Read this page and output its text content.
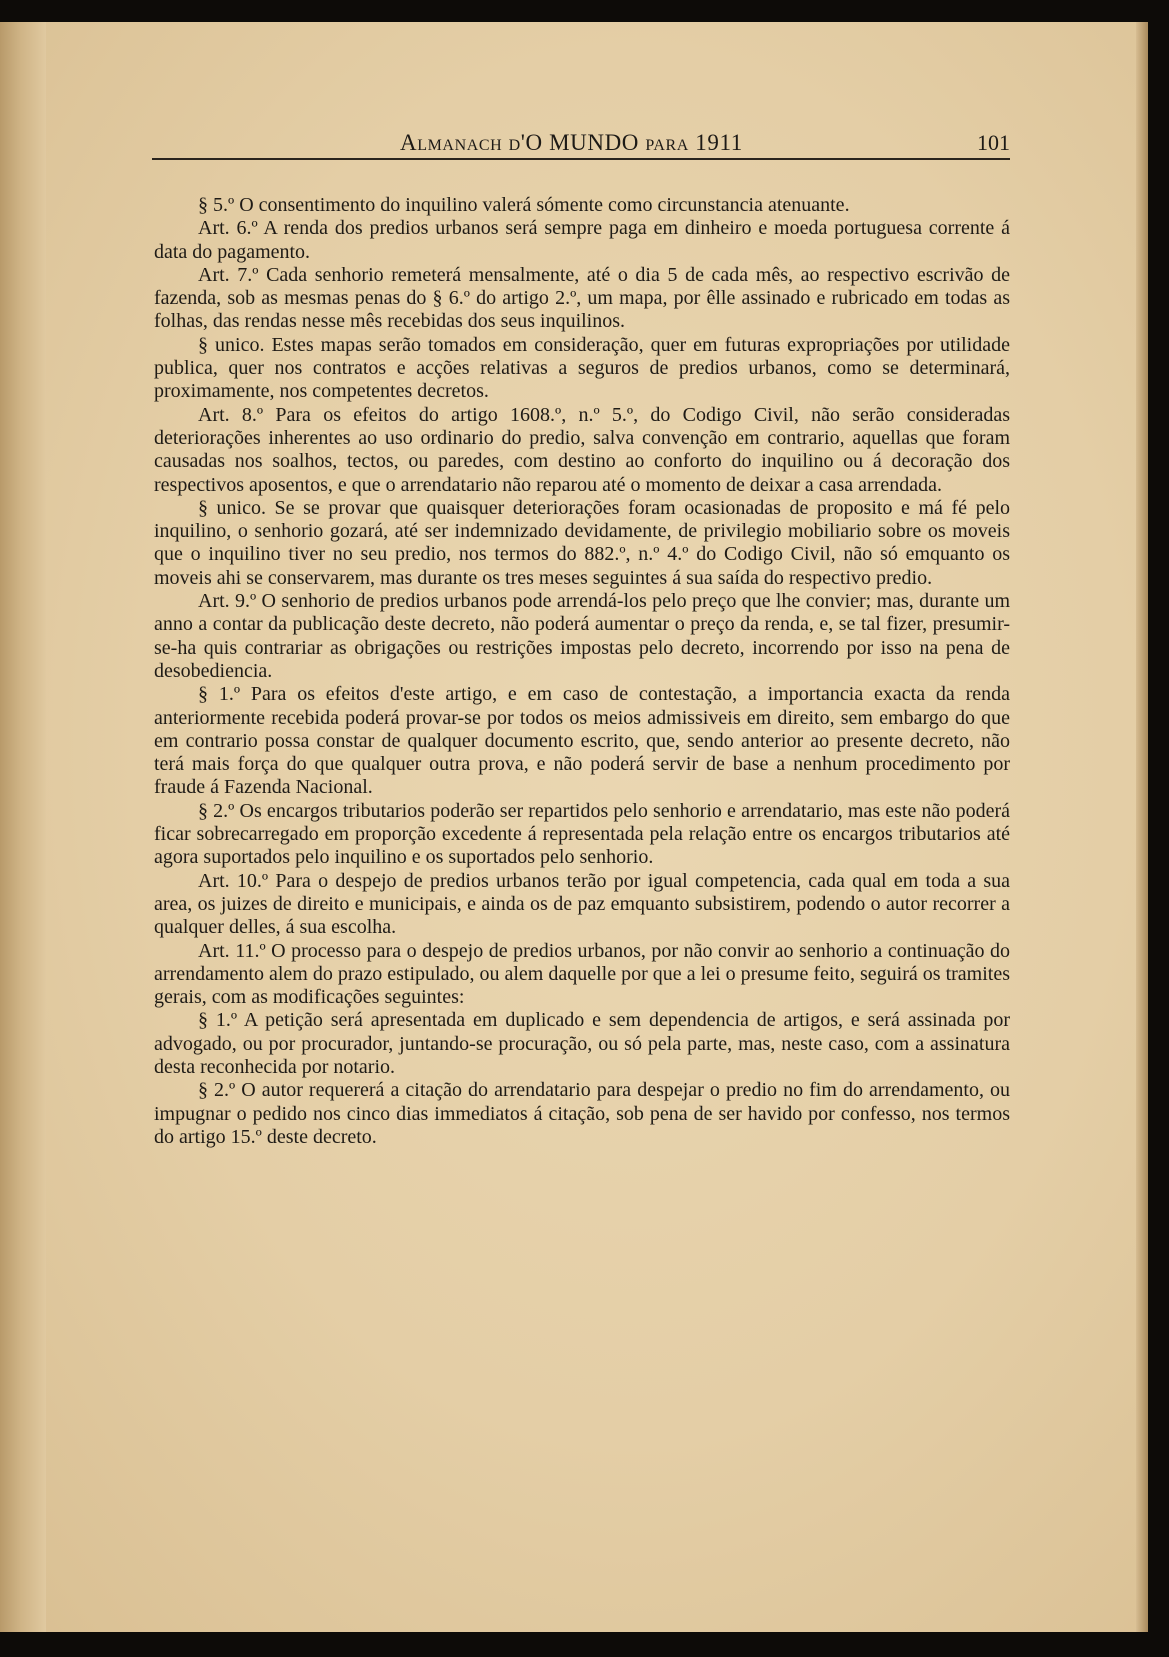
Almanach d'O MUNDO para 1911	101

§ 5.º O consentimento do inquilino valerá sómente como circunstancia atenuante.

Art. 6.º A renda dos predios urbanos será sempre paga em dinheiro e moeda portuguesa corrente á data do pagamento.

Art. 7.º Cada senhorio remeterá mensalmente, até o dia 5 de cada mês, ao respectivo escrivão de fazenda, sob as mesmas penas do § 6.º do artigo 2.º, um mapa, por êlle assinado e rubricado em todas as folhas, das rendas nesse mês recebidas dos seus inquilinos.

§ unico. Estes mapas serão tomados em consideração, quer em futuras expropriações por utilidade publica, quer nos contratos e acções relativas a seguros de predios urbanos, como se determinará, proximamente, nos competentes decretos.

Art. 8.º Para os efeitos do artigo 1608.º, n.º 5.º, do Codigo Civil, não serão consideradas deteriorações inherentes ao uso ordinario do predio, salva convenção em contrario, aquellas que foram causadas nos soalhos, tectos, ou paredes, com destino ao conforto do inquilino ou á decoração dos respectivos aposentos, e que o arrendatario não reparou até o momento de deixar a casa arrendada.

§ unico. Se se provar que quaisquer deteriorações foram ocasionadas de proposito e má fé pelo inquilino, o senhorio gozará, até ser indemnizado devidamente, de privilegio mobiliario sobre os moveis que o inquilino tiver no seu predio, nos termos do 882.º, n.º 4.º do Codigo Civil, não só emquanto os moveis ahi se conservarem, mas durante os tres meses seguintes á sua saída do respectivo predio.

Art. 9.º O senhorio de predios urbanos pode arrendá-los pelo preço que lhe convier; mas, durante um anno a contar da publicação deste decreto, não poderá aumentar o preço da renda, e, se tal fizer, presumir-se-ha quis contrariar as obrigações ou restrições impostas pelo decreto, incorrendo por isso na pena de desobediencia.

§ 1.º Para os efeitos d'este artigo, e em caso de contestação, a importancia exacta da renda anteriormente recebida poderá provar-se por todos os meios admissiveis em direito, sem embargo do que em contrario possa constar de qualquer documento escrito, que, sendo anterior ao presente decreto, não terá mais força do que qualquer outra prova, e não poderá servir de base a nenhum procedimento por fraude á Fazenda Nacional.

§ 2.º Os encargos tributarios poderão ser repartidos pelo senhorio e arrendatario, mas este não poderá ficar sobrecarregado em proporção excedente á representada pela relação entre os encargos tributarios até agora suportados pelo inquilino e os suportados pelo senhorio.

Art. 10.º Para o despejo de predios urbanos terão por igual competencia, cada qual em toda a sua area, os juizes de direito e municipais, e ainda os de paz emquanto subsistirem, podendo o autor recorrer a qualquer delles, á sua escolha.

Art. 11.º O processo para o despejo de predios urbanos, por não convir ao senhorio a continuação do arrendamento alem do prazo estipulado, ou alem daquelle por que a lei o presume feito, seguirá os tramites gerais, com as modificações seguintes:

§ 1.º A petição será apresentada em duplicado e sem dependencia de artigos, e será assinada por advogado, ou por procurador, juntando-se procuração, ou só pela parte, mas, neste caso, com a assinatura desta reconhecida por notario.

§ 2.º O autor requererá a citação do arrendatario para despejar o predio no fim do arrendamento, ou impugnar o pedido nos cinco dias immediatos á citação, sob pena de ser havido por confesso, nos termos do artigo 15.º deste decreto.
